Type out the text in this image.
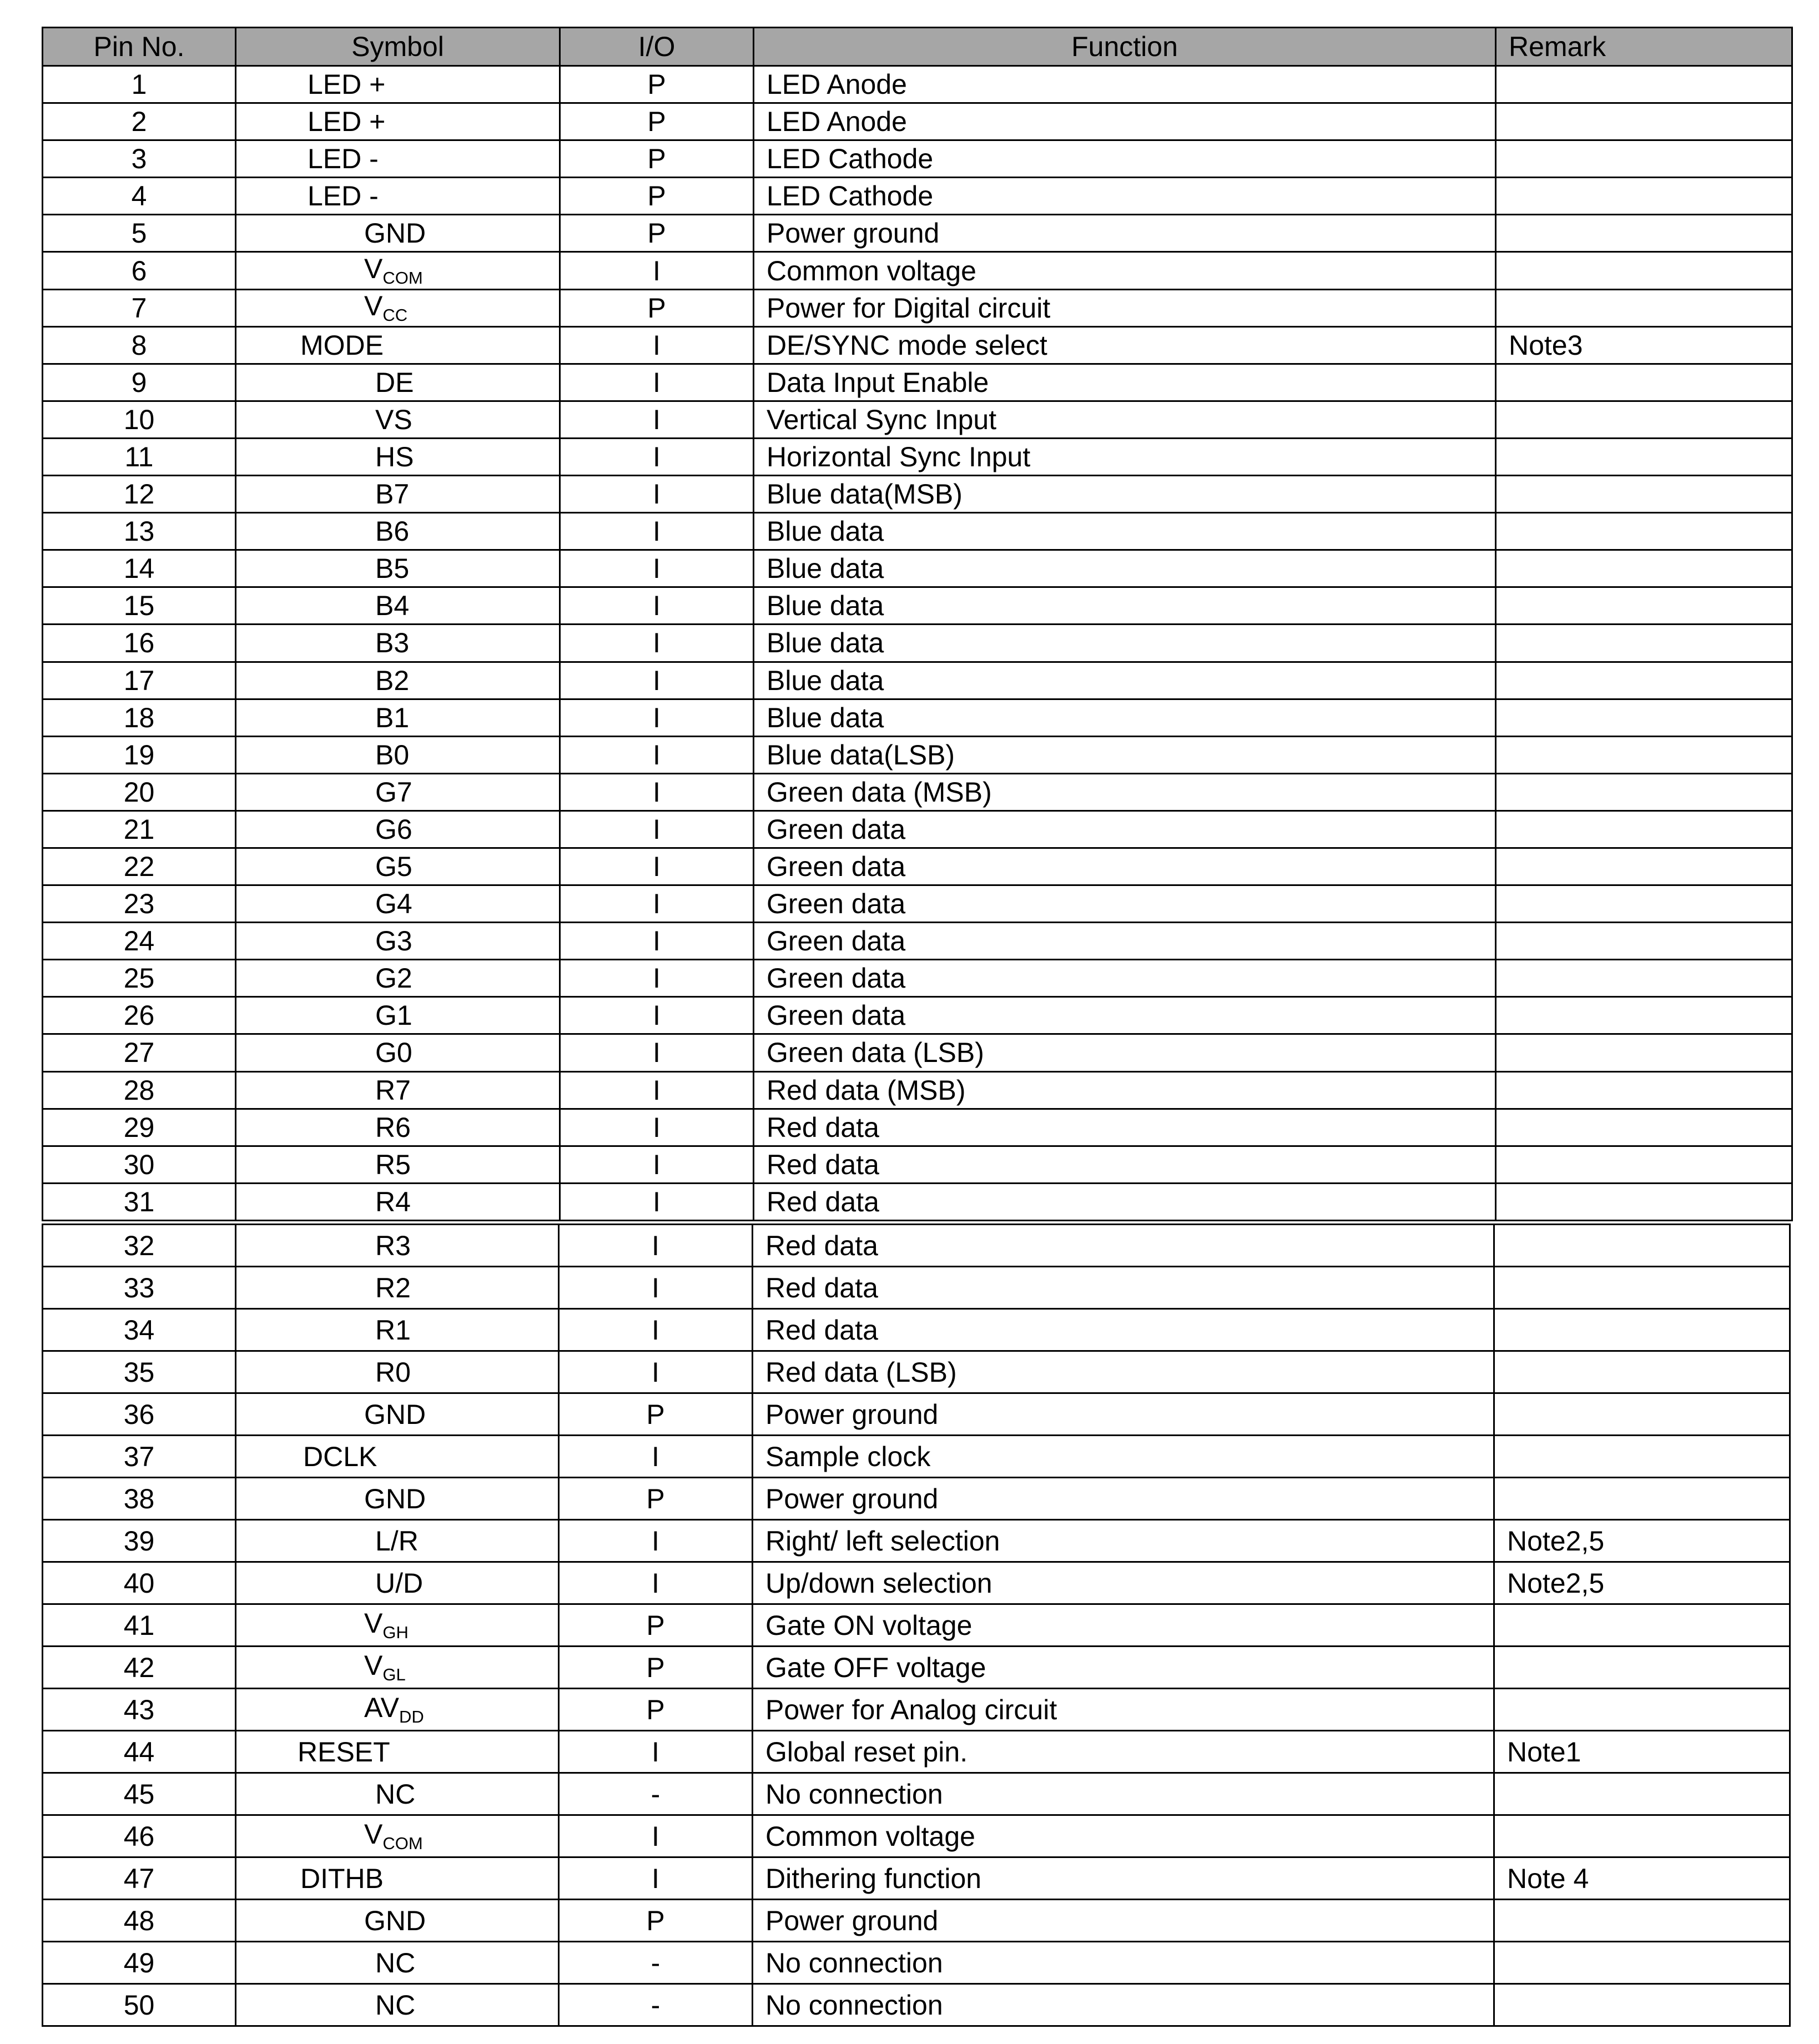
Pin No.	Symbol	I/O	Function	Remark
1	LED +	P	LED Anode	
2	LED +	P	LED Anode	
3	LED -	P	LED Cathode	
4	LED -	P	LED Cathode	
5	GND	P	Power ground	
6	$V_{COM}$	I	Common voltage	
7	$V_{CC}$	P	Power for Digital circuit	
8	MODE	I	DE/SYNC mode select	Note3
9	DE	I	Data Input Enable	
10	VS	I	Vertical Sync Input	
11	HS	I	Horizontal Sync Input	
12	B7	I	Blue data(MSB)	
13	B6	I	Blue data	
14	B5	I	Blue data	
15	B4	I	Blue data	
16	B3	I	Blue data	
17	B2	I	Blue data	
18	B1	I	Blue data	
19	B0	I	Blue data(LSB)	
20	G7	I	Green data (MSB)	
21	G6	I	Green data	
22	G5	I	Green data	
23	G4	I	Green data	
24	G3	I	Green data	
25	G2	I	Green data	
26	G1	I	Green data	
27	G0	I	Green data (LSB)	
28	R7	I	Red data (MSB)	
29	R6	I	Red data	
30	R5	I	Red data	
31	R4	I	Red data	
32	R3	I	Red data	
33	R2	I	Red data	
34	R1	I	Red data	
35	R0	I	Red data (LSB)	
36	GND	P	Power ground	
37	DCLK	I	Sample clock	
38	GND	P	Power ground	
39	L/R	I	Right/ left selection	Note2,5
40	U/D	I	Up/down selection	Note2,5
41	$V_{GH}$	P	Gate ON voltage	
42	$V_{GL}$	P	Gate OFF voltage	
43	$AV_{DD}$	P	Power for Analog circuit	
44	RESET	I	Global reset pin.	Note1
45	NC	-	No connection	
46	$V_{COM}$	I	Common voltage	
47	DITHB	I	Dithering function	Note 4
48	GND	P	Power ground	
49	NC	-	No connection	
50	NC	-	No connection	
